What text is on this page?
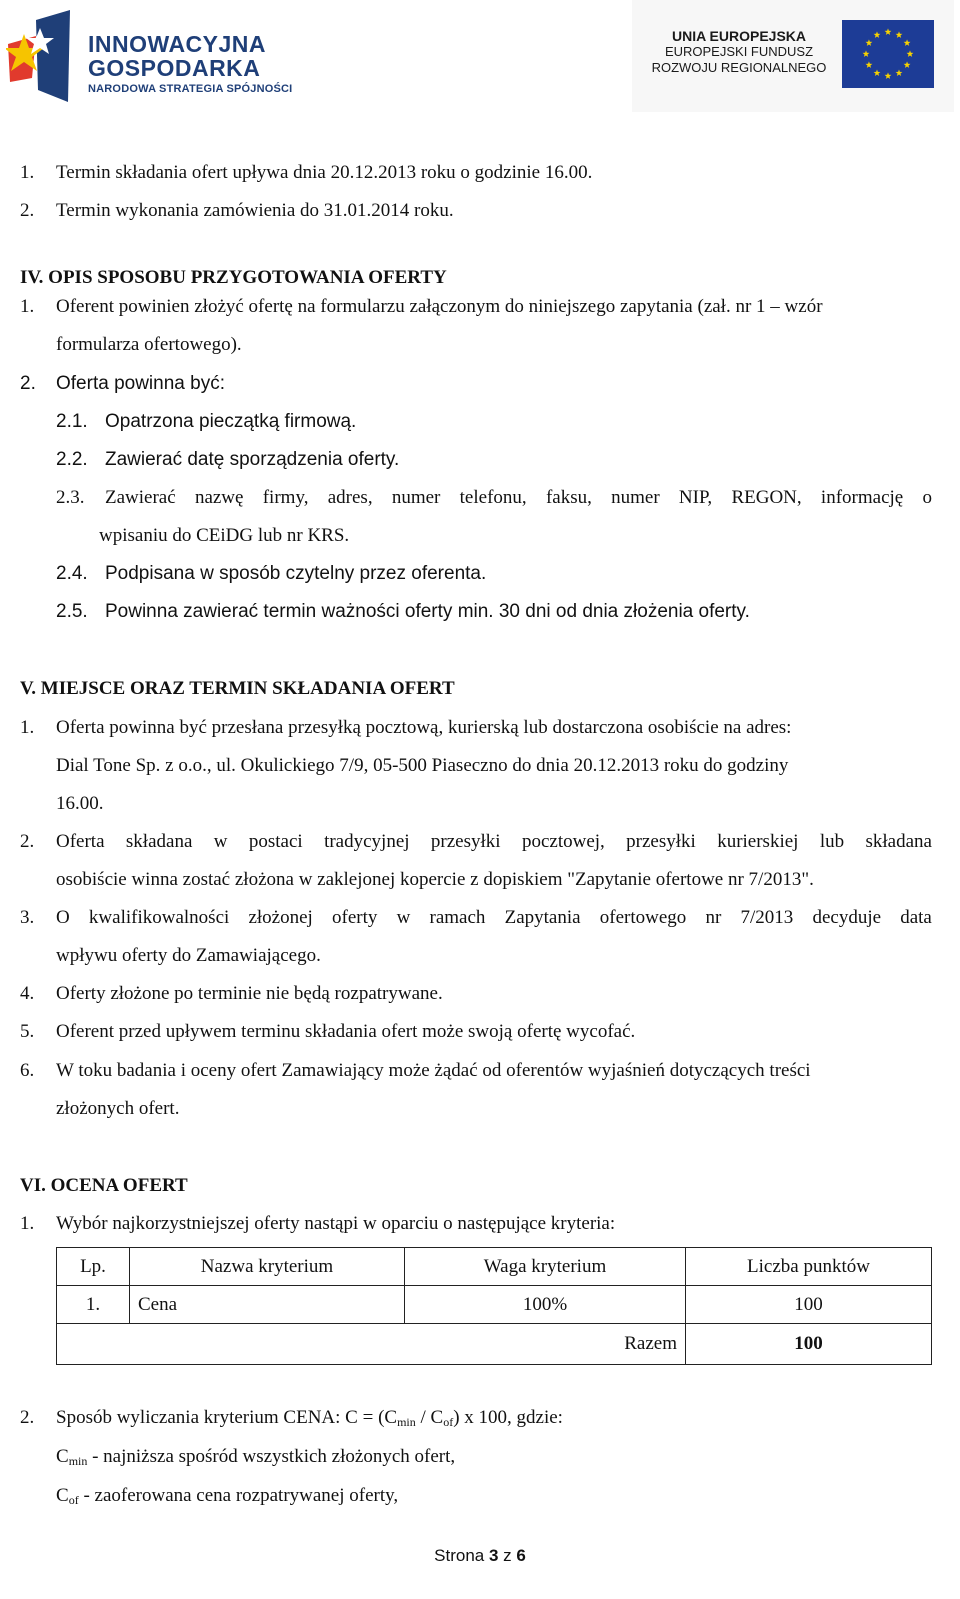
INNOWACYJNA
GOSPODARKA
NARODOWA STRATEGIA SPÓJNOŚCI
UNIA EUROPEJSKA
EUROPEJSKI FUNDUSZ
ROZWOJU REGIONALNEGO
1. Termin składania ofert upływa dnia 20.12.2013 roku o godzinie 16.00.
2. Termin wykonania zamówienia do 31.01.2014 roku.
IV. OPIS SPOSOBU PRZYGOTOWANIA OFERTY
1. Oferent powinien złożyć ofertę na formularzu załączonym do niniejszego zapytania (zał. nr 1 – wzór
formularza ofertowego).
2. Oferta powinna być:
2.1. Opatrzona pieczątką firmową.
2.2. Zawierać datę sporządzenia oferty.
2.3. Zawierać nazwę firmy, adres, numer telefonu, faksu, numer NIP, REGON, informację o
wpisaniu do CEiDG lub nr KRS.
2.4. Podpisana w sposób czytelny przez oferenta.
2.5. Powinna zawierać termin ważności oferty min. 30 dni od dnia złożenia oferty.
V. MIEJSCE ORAZ TERMIN SKŁADANIA OFERT
1. Oferta powinna być przesłana przesyłką pocztową, kurierską lub dostarczona osobiście na adres:
Dial Tone Sp. z o.o., ul. Okulickiego 7/9, 05-500 Piaseczno do dnia 20.12.2013 roku do godziny
16.00.
2. Oferta składana w postaci tradycyjnej przesyłki pocztowej, przesyłki kurierskiej lub składana
osobiście winna zostać złożona w zaklejonej kopercie z dopiskiem "Zapytanie ofertowe nr 7/2013".
3. O kwalifikowalności złożonej oferty w ramach Zapytania ofertowego nr 7/2013 decyduje data
wpływu oferty do Zamawiającego.
4. Oferty złożone po terminie nie będą rozpatrywane.
5. Oferent przed upływem terminu składania ofert może swoją ofertę wycofać.
6. W toku badania i oceny ofert Zamawiający może żądać od oferentów wyjaśnień dotyczących treści
złożonych ofert.
VI. OCENA OFERT
1. Wybór najkorzystniejszej oferty nastąpi w oparciu o następujące kryteria:
Lp.	Nazwa kryterium	Waga kryterium	Liczba punktów
1.	Cena	100%	100
Razem			100
2. Sposób wyliczania kryterium CENA: $C = (C_{min} / C_{of})$ x 100, gdzie:
$C_{min}$ - najniższa spośród wszystkich złożonych ofert,
$C_{of}$ - zaoferowana cena rozpatrywanej oferty,
Strona 3 z 6
